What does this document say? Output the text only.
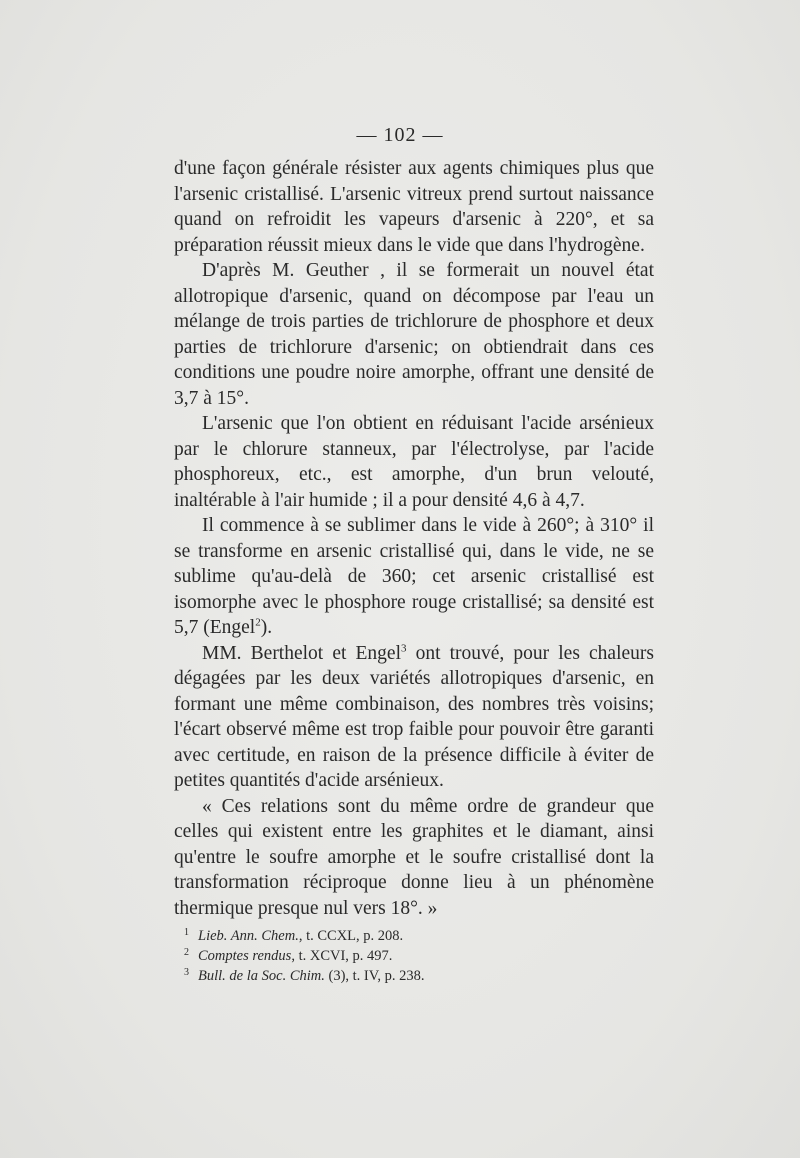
— 102 —

d'une façon générale résister aux agents chimiques plus que l'arsenic cristallisé. L'arsenic vitreux prend surtout naissance quand on refroidit les vapeurs d'arsenic à 220°, et sa préparation réussit mieux dans le vide que dans l'hydrogène.

D'après M. Geuther , il se formerait un nouvel état allotropique d'arsenic, quand on décompose par l'eau un mélange de trois parties de trichlorure de phosphore et deux parties de trichlorure d'arsenic; on obtiendrait dans ces conditions une poudre noire amorphe, offrant une densité de 3,7 à 15°.

L'arsenic que l'on obtient en réduisant l'acide arsénieux par le chlorure stanneux, par l'électrolyse, par l'acide phosphoreux, etc., est amorphe, d'un brun velouté, inaltérable à l'air humide ; il a pour densité 4,6 à 4,7.

Il commence à se sublimer dans le vide à 260°; à 310° il se transforme en arsenic cristallisé qui, dans le vide, ne se sublime qu'au-delà de 360; cet arsenic cristallisé est isomorphe avec le phosphore rouge cristallisé; sa densité est 5,7 (Engel$^2$).

MM. Berthelot et Engel$^3$ ont trouvé, pour les chaleurs dégagées par les deux variétés allotropiques d'arsenic, en formant une même combinaison, des nombres très voisins; l'écart observé même est trop faible pour pouvoir être garanti avec certitude, en raison de la présence difficile à éviter de petites quantités d'acide arsénieux.

« Ces relations sont du même ordre de grandeur que celles qui existent entre les graphites et le diamant, ainsi qu'entre le soufre amorphe et le soufre cristallisé dont la transformation réciproque donne lieu à un phénomène thermique presque nul vers 18°. »

1 Lieb. Ann. Chem., t. CCXL, p. 208.

2 Comptes rendus, t. XCVI, p. 497.

3 Bull. de la Soc. Chim. (3), t. IV, p. 238.
